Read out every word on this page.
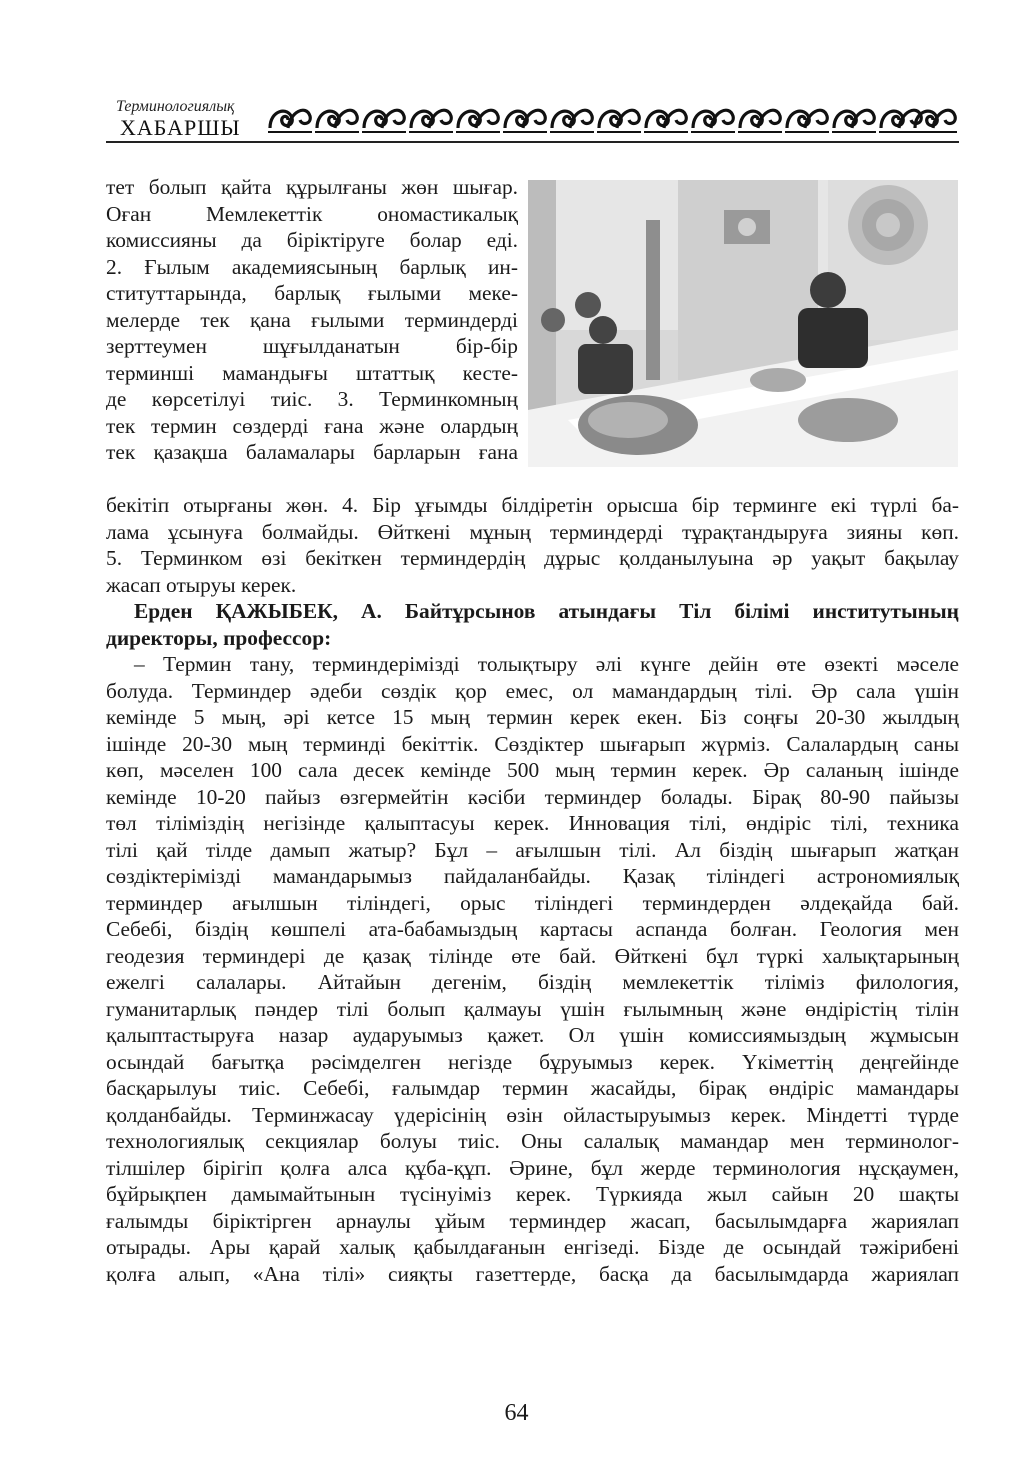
Терминологиялық
ХАБАРШЫ
тет болып қайта құрылғаны жөн шығар.
Оған Мемлекеттік ономастикалық
комиссияны да біріктіруге болар еді.
2. Ғылым академиясының барлық ин-
ституттарында, барлық ғылыми меке-
мелерде тек қана ғылыми терминдерді
зерттеумен шұғылданатын бір-бір
терминші мамандығы штаттық кесте-
де көрсетілуі тиіс. 3. Терминкомның
тек термин сөздерді ғана және олардың
тек қазақша баламалары барларын ғана
бекітіп отырғаны жөн. 4. Бір ұғымды білдіретін орысша бір терминге екі түрлі ба-
лама ұсынуға болмайды. Өйткені мұның терминдерді тұрақтандыруға зияны көп.
5. Терминком өзі бекіткен терминдердің дұрыс қолданылуына әр уақыт бақылау
жасап отыруы керек.
Ерден ҚАЖЫБЕК, А. Байтұрсынов атындағы Тіл білімі институтының
директоры, профессор:
– Термин тану, терминдерімізді толықтыру әлі күнге дейін өте өзекті мәселе
болуда. Терминдер әдеби сөздік қор емес, ол мамандардың тілі. Әр сала үшін
кемінде 5 мың, әрі кетсе 15 мың термин керек екен. Біз соңғы 20-30 жылдың
ішінде 20-30 мың терминді бекіттік. Сөздіктер шығарып жүрміз. Салалардың саны
көп, мәселен 100 сала десек кемінде 500 мың термин керек. Әр саланың ішінде
кемінде 10-20 пайыз өзгермейтін кәсіби терминдер болады. Бірақ 80-90 пайызы
төл тіліміздің негізінде қалыптасуы керек. Инновация тілі, өндіріс тілі, техника
тілі қай тілде дамып жатыр? Бұл – ағылшын тілі. Ал біздің шығарып жатқан
сөздіктерімізді мамандарымыз пайдаланбайды. Қазақ тіліндегі астрономиялық
терминдер ағылшын тіліндегі, орыс тіліндегі терминдерден әлдеқайда бай.
Себебі, біздің көшпелі ата-бабамыздың картасы аспанда болған. Геология мен
геодезия терминдері де қазақ тілінде өте бай. Өйткені бұл түркі халықтарының
ежелгі салалары. Айтайын дегенім, біздің мемлекеттік тіліміз филология,
гуманитарлық пәндер тілі болып қалмауы үшін ғылымның және өндірістің тілін
қалыптастыруға назар аударуымыз қажет. Ол үшін комиссиямыздың жұмысын
осындай бағытқа рәсімделген негізде бұруымыз керек. Үкіметтің деңгейінде
басқарылуы тиіс. Себебі, ғалымдар термин жасайды, бірақ өндіріс мамандары
қолданбайды. Терминжасау үдерісінің өзін ойластыруымыз керек. Міндетті түрде
технологиялық секциялар болуы тиіс. Оны салалық мамандар мен терминолог-
тілшілер бірігіп қолға алса құба-құп. Әрине, бұл жерде терминология нұсқаумен,
бұйрықпен дамымайтынын түсінуіміз керек. Түркияда жыл сайын 20 шақты
ғалымды біріктірген арнаулы ұйым терминдер жасап, басылымдарға жариялап
отырады. Ары қарай халық қабылдағанын енгізеді. Бізде де осындай тәжірибені
қолға алып, «Ана тілі» сияқты газеттерде, басқа да басылымдарда жариялап
64
